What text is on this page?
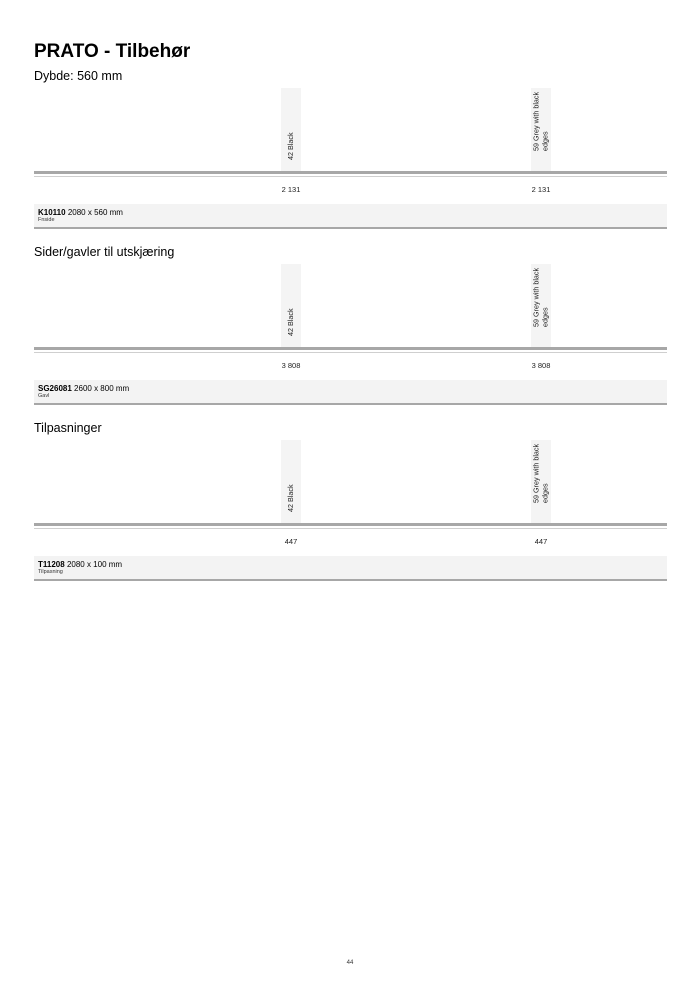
PRATO - Tilbehør
Dybde: 560 mm
42 Black	59 Grey with black edges
2 131	2 131
K10110 2080 x 560 mm
Fnside
Sider/gavler til utskjæring
42 Black	59 Grey with black edges
3 808	3 808
SG26081 2600 x 800 mm
Gavl
Tilpasninger
42 Black	59 Grey with black edges
447	447
T11208 2080 x 100 mm
Tilpasning
44
